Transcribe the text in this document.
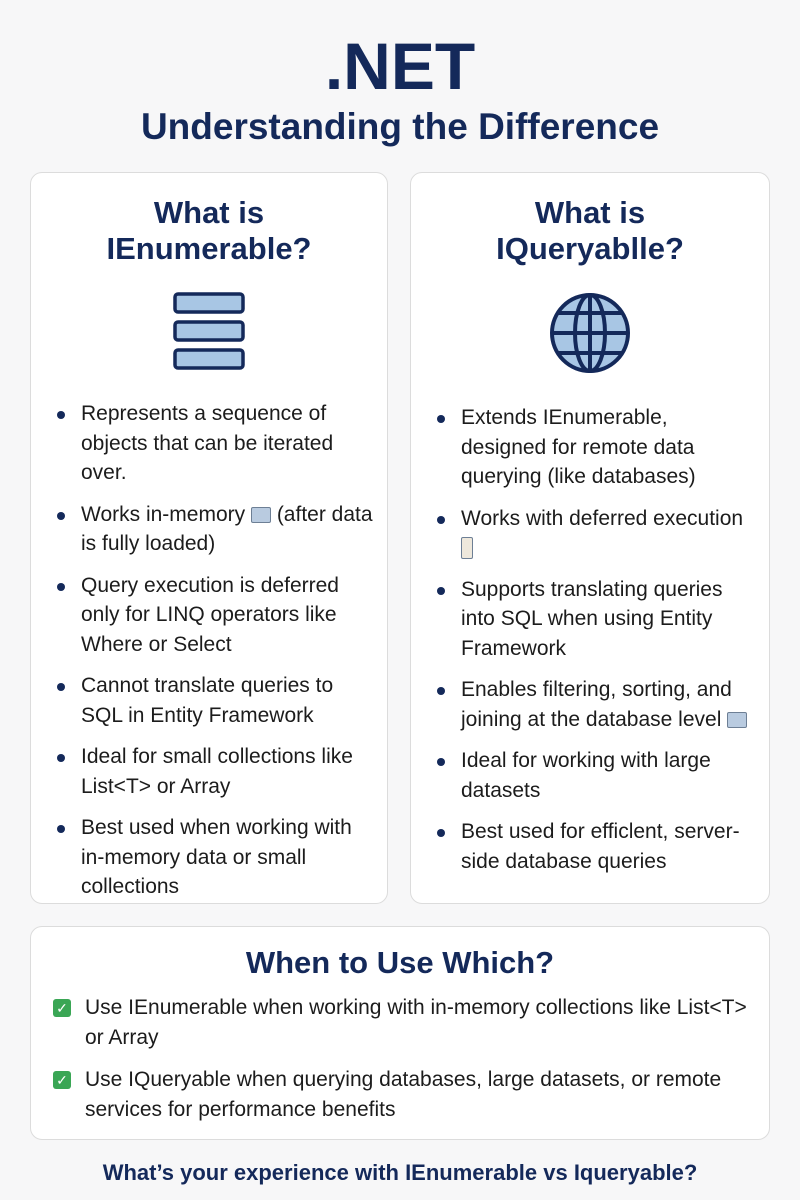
.NET
Understanding the Difference
What is
IEnumerable?
Represents a sequence of objects that can be iterated over.
Works in-memory (after data is fully loaded)
Query execution is deferred only for LINQ operators like Where or Select
Cannot translate queries to SQL in Entity Framework
Ideal for small collections like List<T> or Array
Best used when working with in-memory data or small collections
What is
IQueryablle?
Extends IEnumerable, designed for remote data querying (like databases)
Works with deferred execution
Supports translating queries into SQL when using Entity Framework
Enables filtering, sorting, and joining at the database level
Ideal for working with large datasets
Best used for efficlent, server-side database queries
When to Use Which?
✓ Use IEnumerable when working with in-memory collections like List<T> or Array
✓ Use IQueryable when querying databases, large datasets, or remote services for performance benefits
What’s your experience with IEnumerable vs Iqueryable?
